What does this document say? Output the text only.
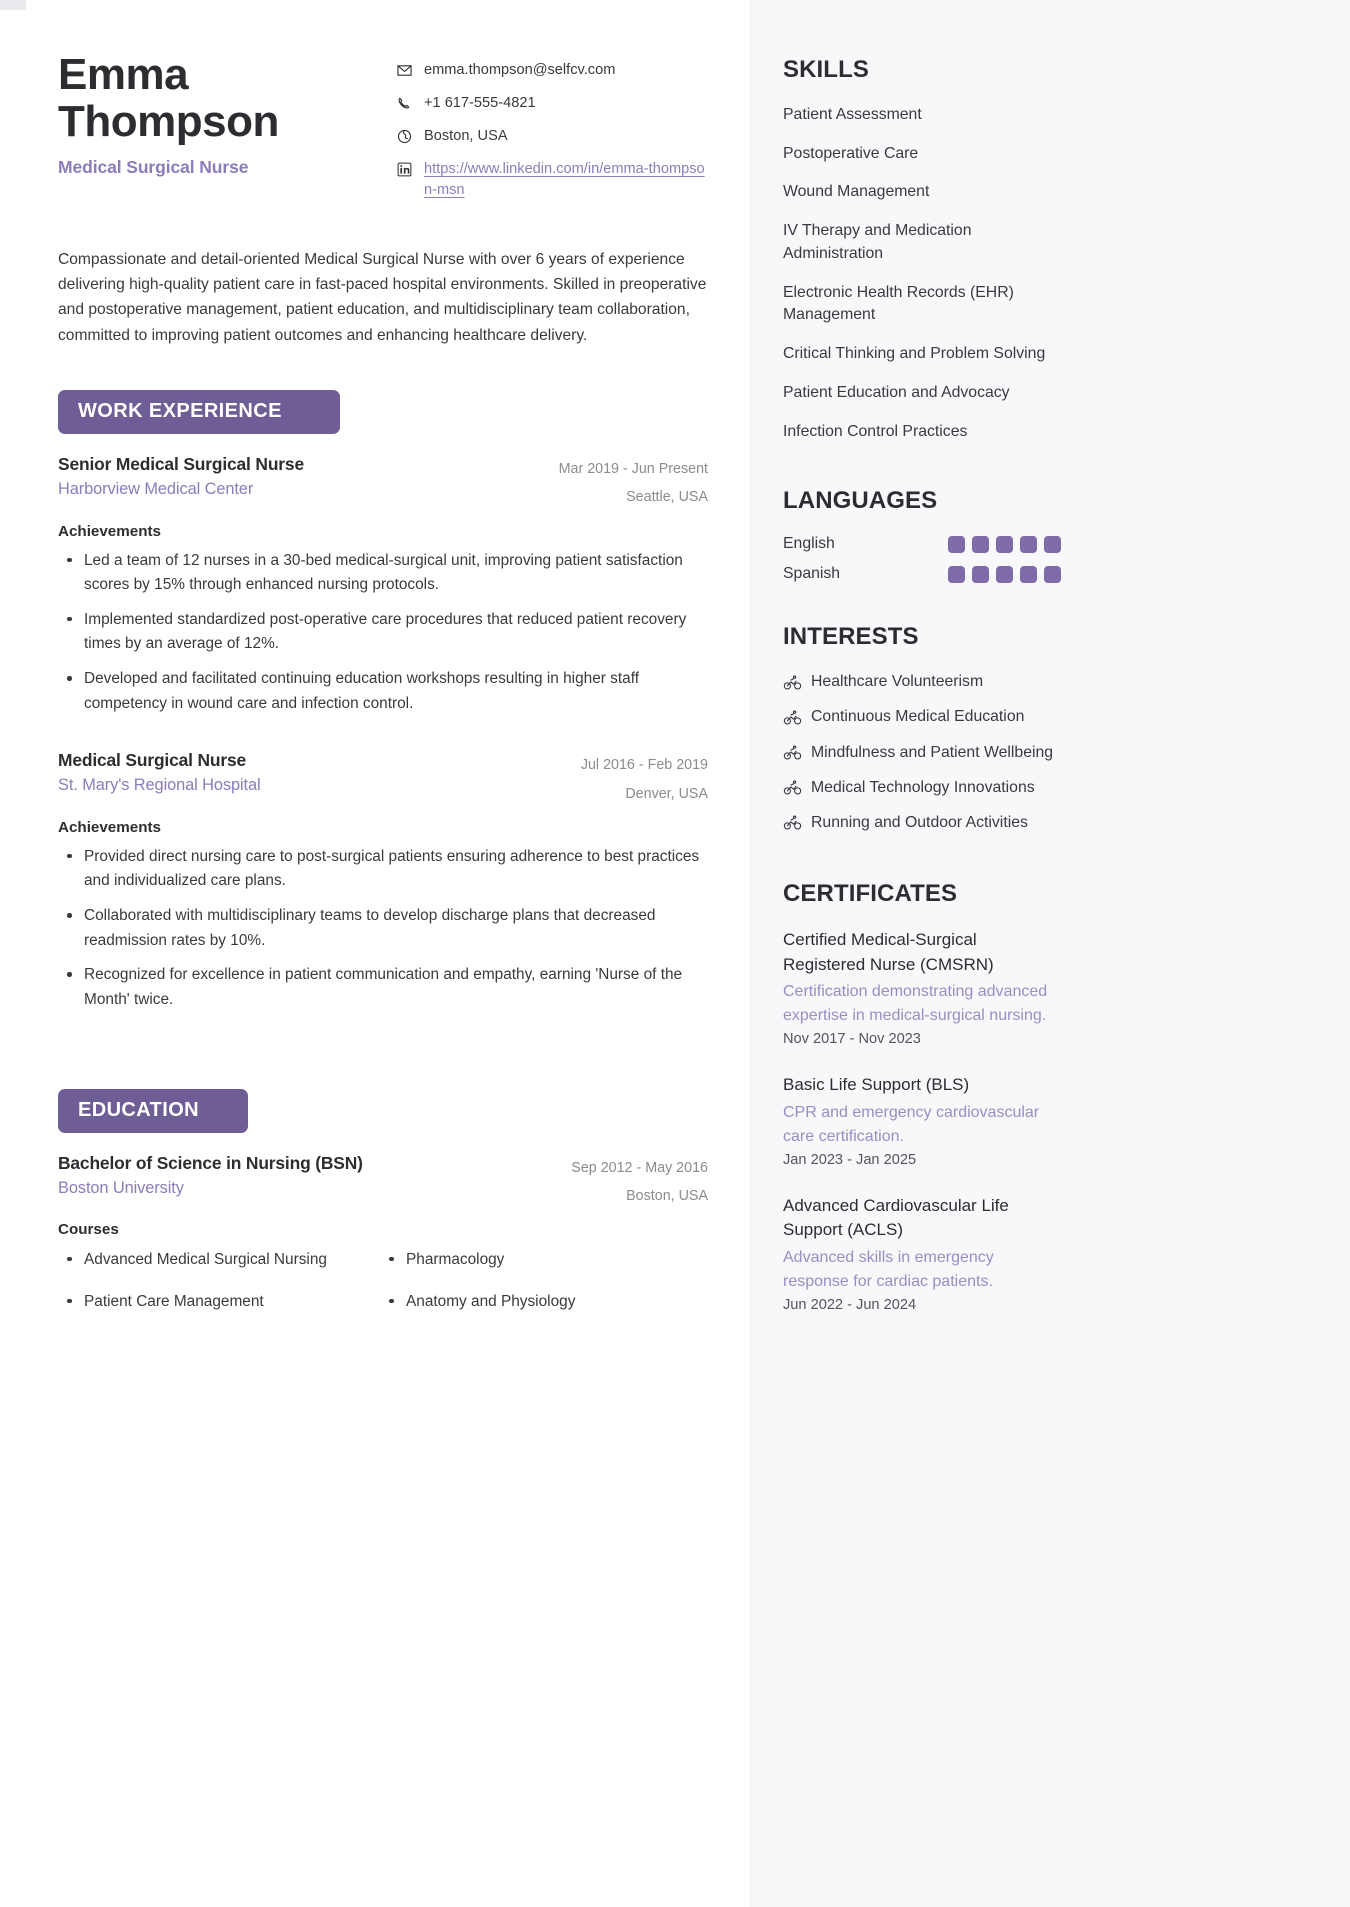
Emma
Thompson
Medical Surgical Nurse
emma.thompson@selfcv.com
+1 617-555-4821
Boston, USA
https://www.linkedin.com/in/emma-thompson-msn
Compassionate and detail-oriented Medical Surgical Nurse with over 6 years of experience delivering high-quality patient care in fast-paced hospital environments. Skilled in preoperative and postoperative management, patient education, and multidisciplinary team collaboration, committed to improving patient outcomes and enhancing healthcare delivery.
WORK EXPERIENCE
Senior Medical Surgical Nurse
Harborview Medical Center
Mar 2019 - Jun Present
Seattle, USA
Achievements
Led a team of 12 nurses in a 30-bed medical-surgical unit, improving patient satisfaction scores by 15% through enhanced nursing protocols.
Implemented standardized post-operative care procedures that reduced patient recovery times by an average of 12%.
Developed and facilitated continuing education workshops resulting in higher staff competency in wound care and infection control.
Medical Surgical Nurse
St. Mary's Regional Hospital
Jul 2016 - Feb 2019
Denver, USA
Achievements
Provided direct nursing care to post-surgical patients ensuring adherence to best practices and individualized care plans.
Collaborated with multidisciplinary teams to develop discharge plans that decreased readmission rates by 10%.
Recognized for excellence in patient communication and empathy, earning 'Nurse of the Month' twice.
EDUCATION
Bachelor of Science in Nursing (BSN)
Boston University
Sep 2012 - May 2016
Boston, USA
Courses
Advanced Medical Surgical Nursing	Pharmacology
Patient Care Management	Anatomy and Physiology
SKILLS
Patient Assessment
Postoperative Care
Wound Management
IV Therapy and Medication Administration
Electronic Health Records (EHR) Management
Critical Thinking and Problem Solving
Patient Education and Advocacy
Infection Control Practices
LANGUAGES
English
Spanish
INTERESTS
Healthcare Volunteerism
Continuous Medical Education
Mindfulness and Patient Wellbeing
Medical Technology Innovations
Running and Outdoor Activities
CERTIFICATES
Certified Medical-Surgical Registered Nurse (CMSRN)
Certification demonstrating advanced expertise in medical-surgical nursing.
Nov 2017 - Nov 2023
Basic Life Support (BLS)
CPR and emergency cardiovascular care certification.
Jan 2023 - Jan 2025
Advanced Cardiovascular Life Support (ACLS)
Advanced skills in emergency response for cardiac patients.
Jun 2022 - Jun 2024
